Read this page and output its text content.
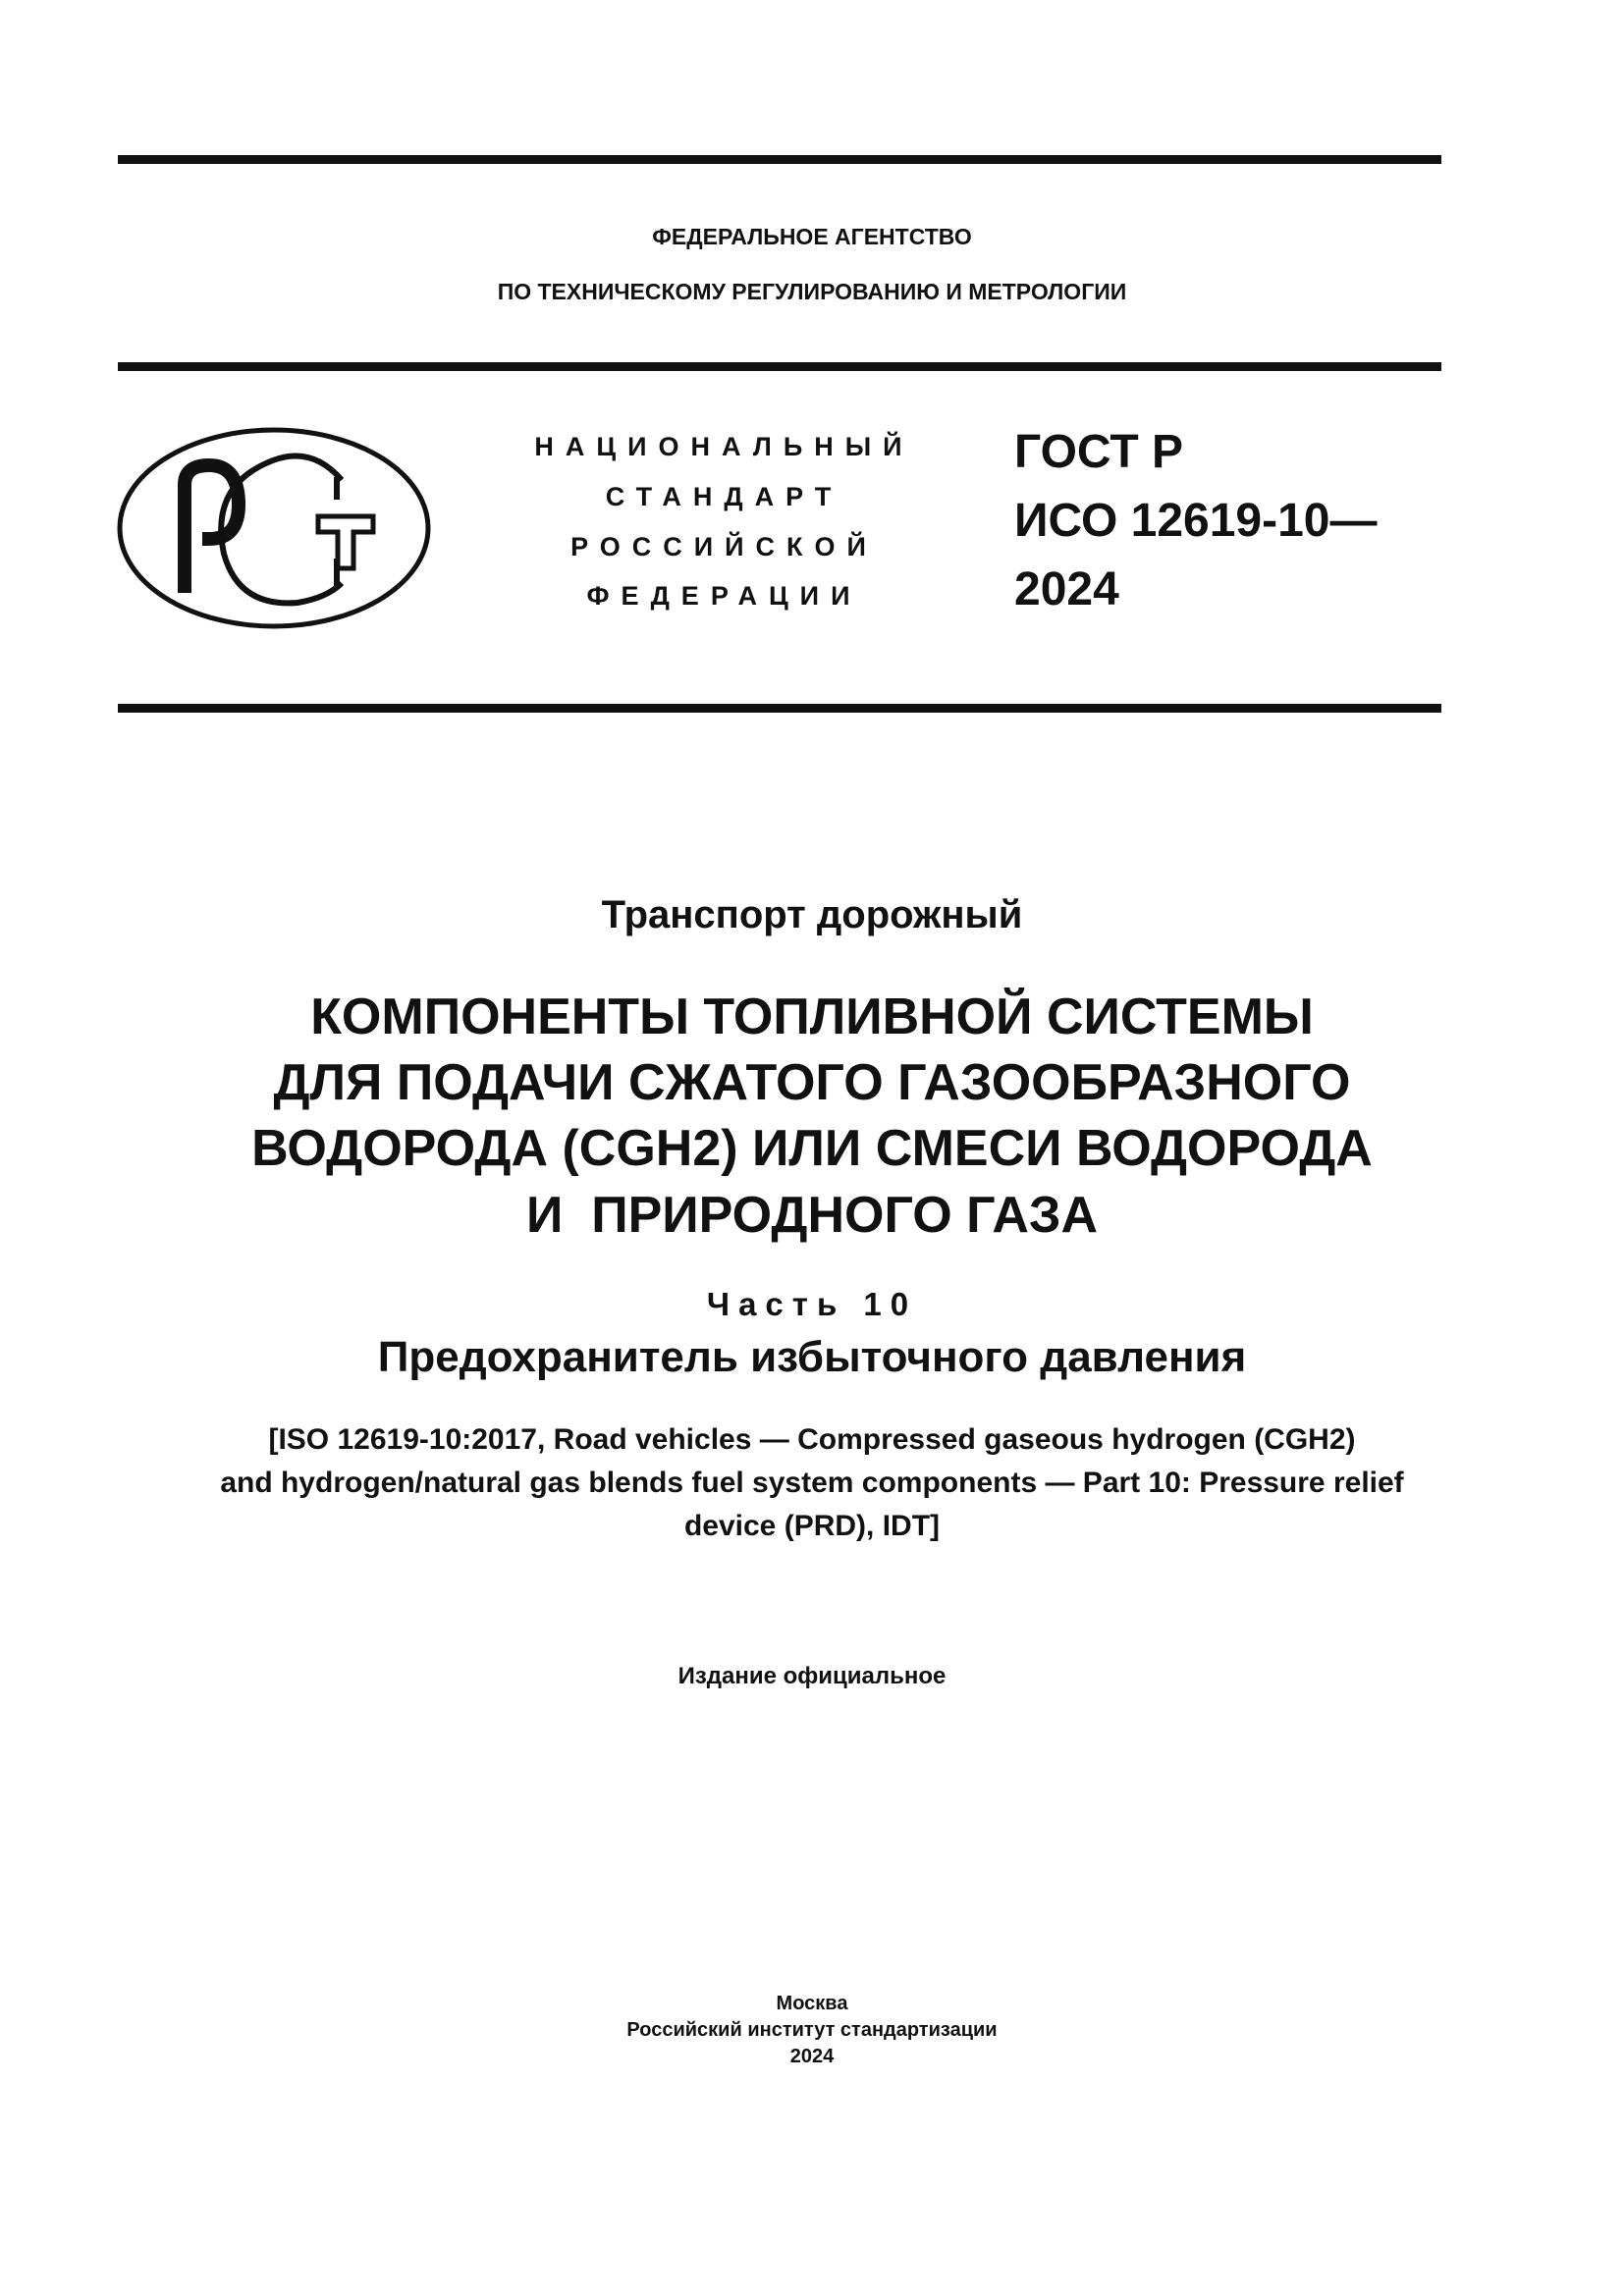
ФЕДЕРАЛЬНОЕ АГЕНТСТВО
ПО ТЕХНИЧЕСКОМУ РЕГУЛИРОВАНИЮ И МЕТРОЛОГИИ
НАЦИОНАЛЬНЫЙ
СТАНДАРТ
РОССИЙСКОЙ
ФЕДЕРАЦИИ
ГОСТ Р
ИСО 12619-10—
2024
Транспорт дорожный
КОМПОНЕНТЫ ТОПЛИВНОЙ СИСТЕМЫ
ДЛЯ ПОДАЧИ СЖАТОГО ГАЗООБРАЗНОГО
ВОДОРОДА (CGH2) ИЛИ СМЕСИ ВОДОРОДА
И  ПРИРОДНОГО ГАЗА
Часть 10
Предохранитель избыточного давления
[ISO 12619-10:2017, Road vehicles — Compressed gaseous hydrogen (CGH2)
and hydrogen/natural gas blends fuel system components — Part 10: Pressure relief
device (PRD), IDT]
Издание официальное
Москва
Российский институт стандартизации
2024
